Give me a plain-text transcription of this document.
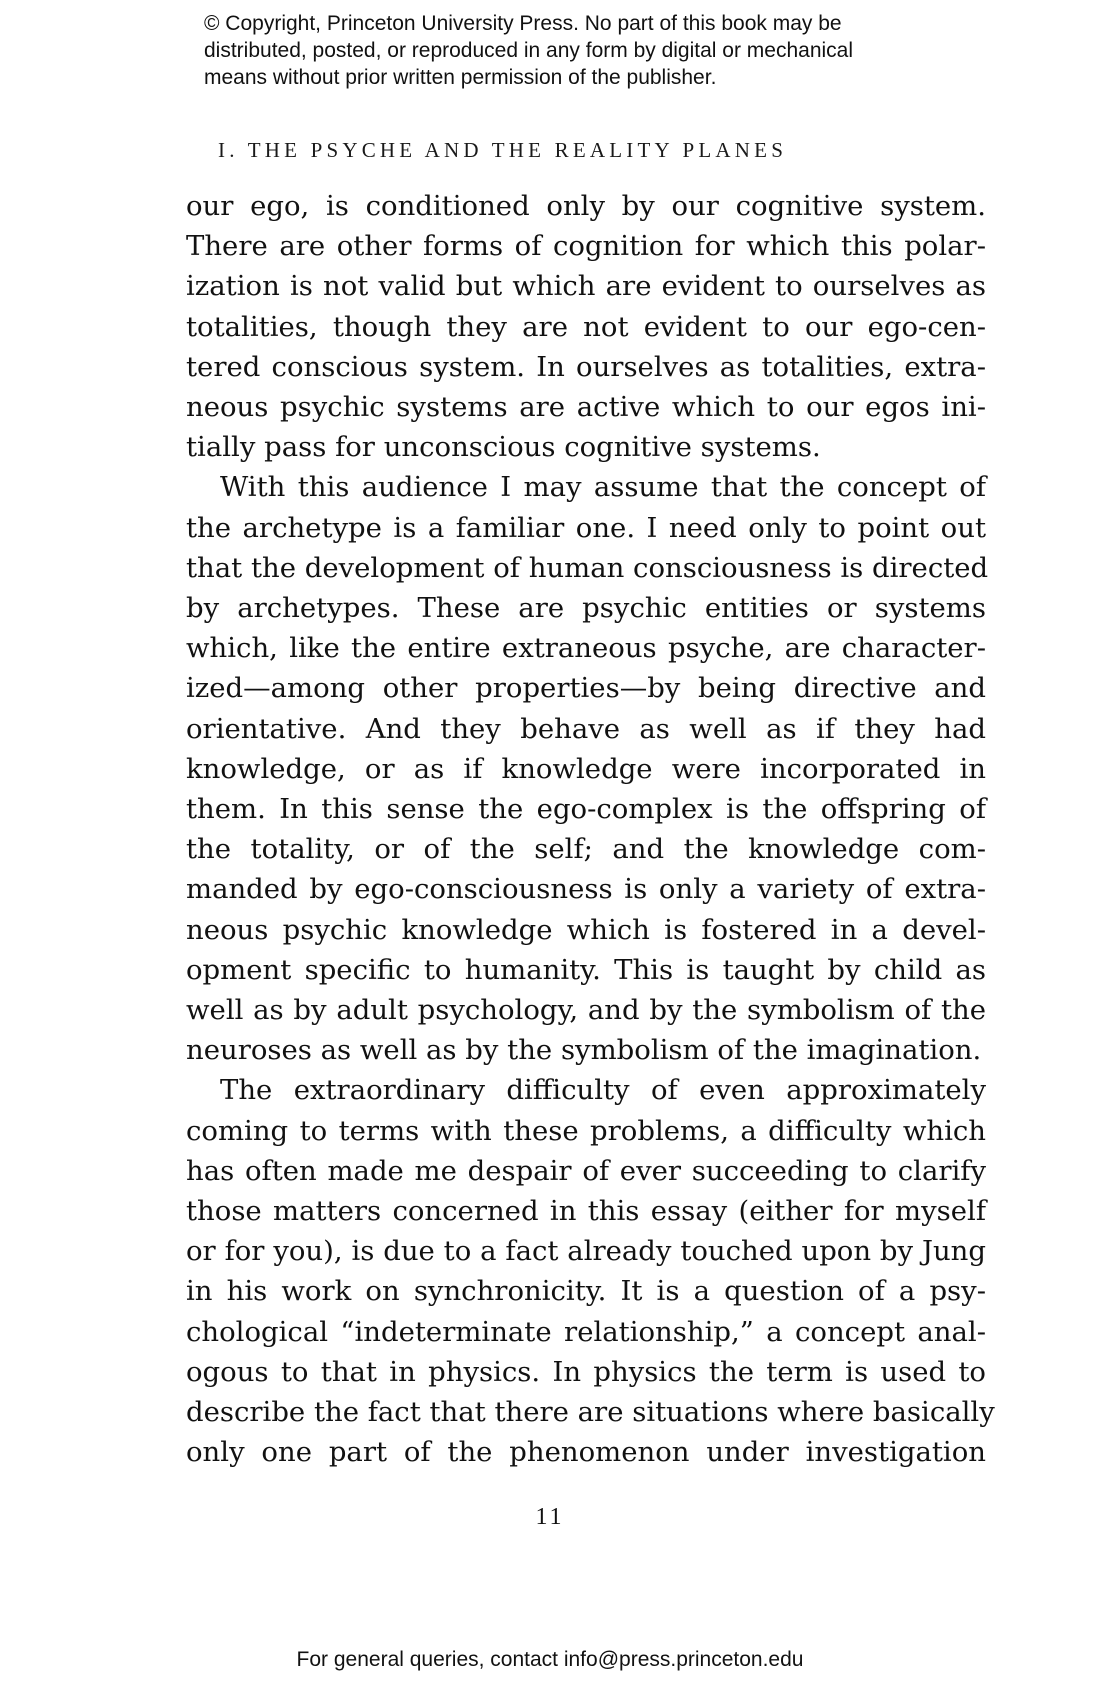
© Copyright, Princeton University Press. No part of this book may be
distributed, posted, or reproduced in any form by digital or mechanical
means without prior written permission of the publisher.
I. THE PSYCHE AND THE REALITY PLANES
our ego, is conditioned only by our cognitive system.
There are other forms of cognition for which this polar-
ization is not valid but which are evident to ourselves as
totalities, though they are not evident to our ego-cen-
tered conscious system. In ourselves as totalities, extra-
neous psychic systems are active which to our egos ini-
tially pass for unconscious cognitive systems.
With this audience I may assume that the concept of
the archetype is a familiar one. I need only to point out
that the development of human consciousness is directed
by archetypes. These are psychic entities or systems
which, like the entire extraneous psyche, are character-
ized—among other properties—by being directive and
orientative. And they behave as well as if they had
knowledge, or as if knowledge were incorporated in
them. In this sense the ego-complex is the offspring of
the totality, or of the self; and the knowledge com-
manded by ego-consciousness is only a variety of extra-
neous psychic knowledge which is fostered in a devel-
opment specific to humanity. This is taught by child as
well as by adult psychology, and by the symbolism of the
neuroses as well as by the symbolism of the imagination.
The extraordinary difficulty of even approximately
coming to terms with these problems, a difficulty which
has often made me despair of ever succeeding to clarify
those matters concerned in this essay (either for myself
or for you), is due to a fact already touched upon by Jung
in his work on synchronicity. It is a question of a psy-
chological “indeterminate relationship,” a concept anal-
ogous to that in physics. In physics the term is used to
describe the fact that there are situations where basically
only one part of the phenomenon under investigation
11
For general queries, contact info@press.princeton.edu
